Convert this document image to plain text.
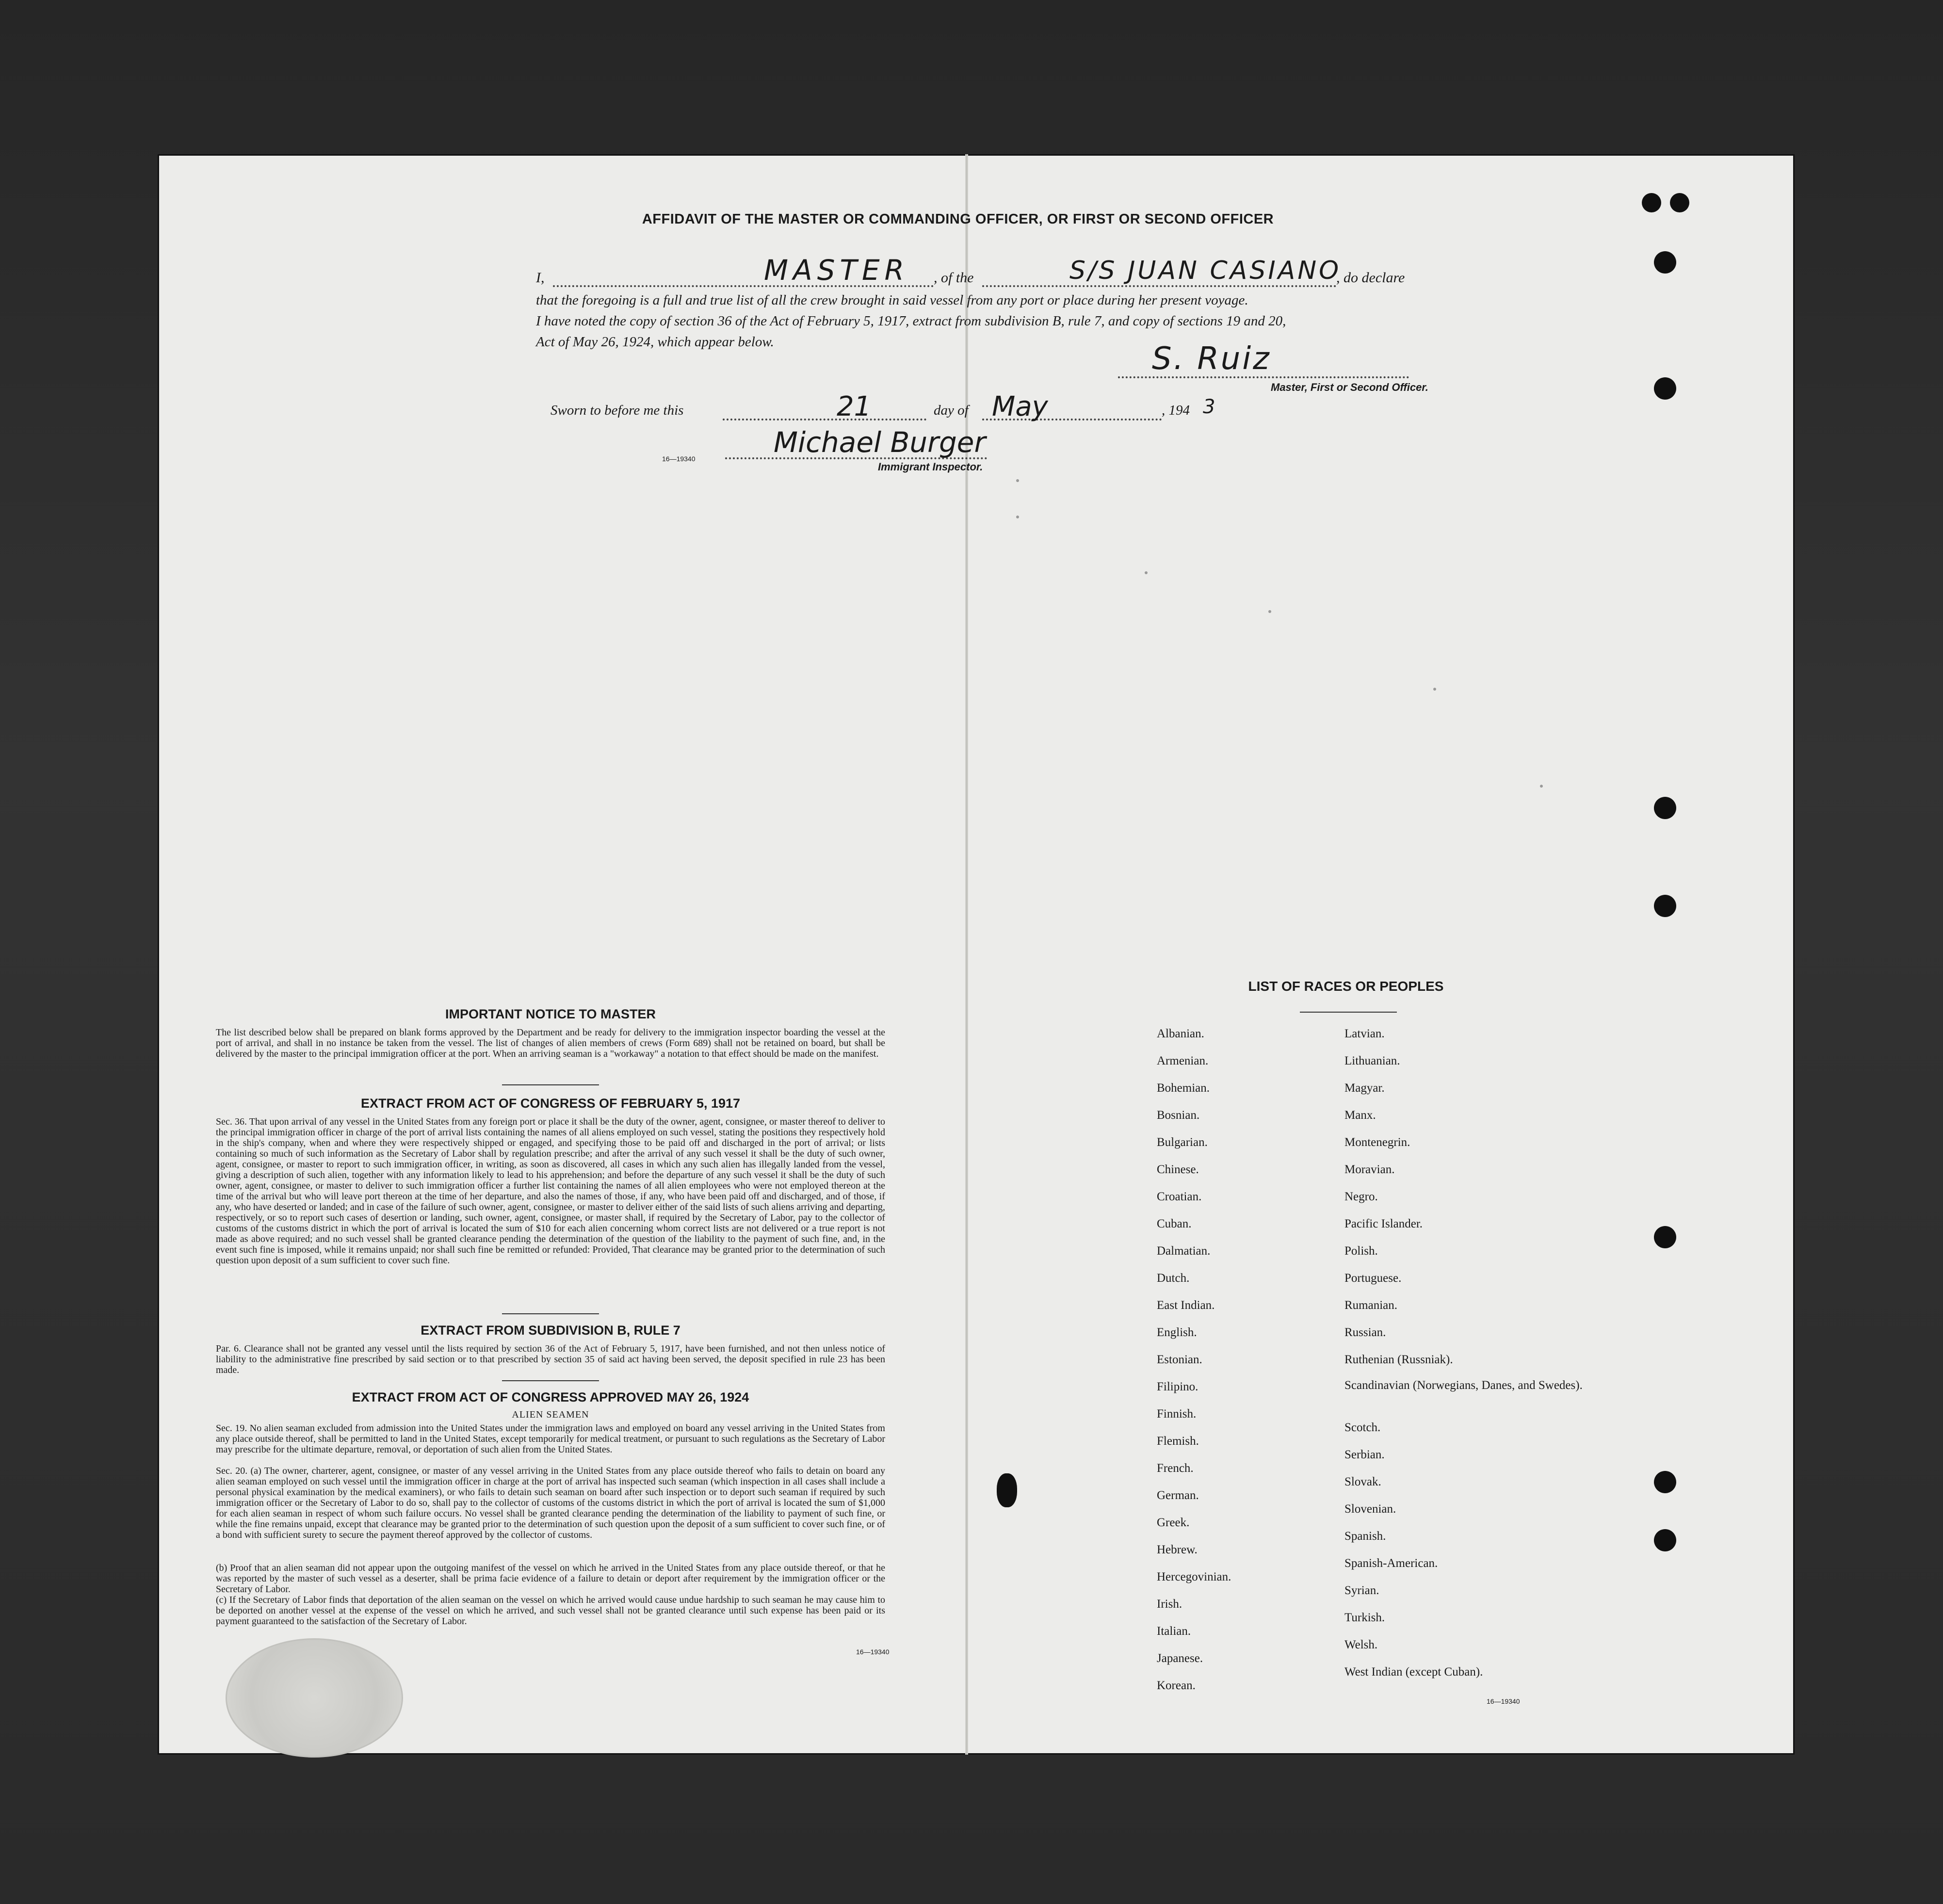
AFFIDAVIT OF THE MASTER OR COMMANDING OFFICER, OR FIRST OR SECOND OFFICER
I,	MASTER , of the	S/S JUAN CASIANO
, do declare
that the foregoing is a full and true list of all the crew brought in said vessel from any port or place during her present voyage.
I have noted the copy of section 36 of the Act of February 5, 1917, extract from subdivision B, rule 7, and copy of sections 19 and 20,
Act of May 26, 1924, which appear below.	S. Ruiz
Master, First or Second Officer.
Sworn to before me this	21	day of May	, 194 3
16—19340	Michael Burger
Immigrant Inspector.
IMPORTANT NOTICE TO MASTER
The list described below shall be prepared on blank forms approved by the Department and be ready for delivery to the immigration inspector boarding the vessel at the port of arrival, and shall in no instance be taken from the vessel. The list of changes of alien members of crews (Form 689) shall not be retained on board, but shall be delivered by the master to the principal immigration officer at the port. When an arriving seaman is a "workaway" a notation to that effect should be made on the manifest.
EXTRACT FROM ACT OF CONGRESS OF FEBRUARY 5, 1917
Sec. 36. That upon arrival of any vessel in the United States from any foreign port or place it shall be the duty of the owner, agent, consignee, or master thereof to deliver to the principal immigration officer in charge of the port of arrival lists containing the names of all aliens employed on such vessel, stating the positions they respectively hold in the ship's company, when and where they were respectively shipped or engaged, and specifying those to be paid off and discharged in the port of arrival; or lists containing so much of such information as the Secretary of Labor shall by regulation prescribe; and after the arrival of any such vessel it shall be the duty of such owner, agent, consignee, or master to report to such immigration officer, in writing, as soon as discovered, all cases in which any such alien has illegally landed from the vessel, giving a description of such alien, together with any information likely to lead to his apprehension; and before the departure of any such vessel it shall be the duty of such owner, agent, consignee, or master to deliver to such immigration officer a further list containing the names of all alien employees who were not employed thereon at the time of the arrival but who will leave port thereon at the time of her departure, and also the names of those, if any, who have been paid off and discharged, and of those, if any, who have deserted or landed; and in case of the failure of such owner, agent, consignee, or master to deliver either of the said lists of such aliens arriving and departing, respectively, or so to report such cases of desertion or landing, such owner, agent, consignee, or master shall, if required by the Secretary of Labor, pay to the collector of customs of the customs district in which the port of arrival is located the sum of $10 for each alien concerning whom correct lists are not delivered or a true report is not made as above required; and no such vessel shall be granted clearance pending the determination of the question of the liability to the payment of such fine, and, in the event such fine is imposed, while it remains unpaid; nor shall such fine be remitted or refunded: Provided, That clearance may be granted prior to the determination of such question upon deposit of a sum sufficient to cover such fine.
EXTRACT FROM SUBDIVISION B, RULE 7
Par. 6. Clearance shall not be granted any vessel until the lists required by section 36 of the Act of February 5, 1917, have been furnished, and not then unless notice of liability to the administrative fine prescribed by said section or to that prescribed by section 35 of said act having been served, the deposit specified in rule 23 has been made.
EXTRACT FROM ACT OF CONGRESS APPROVED MAY 26, 1924
ALIEN SEAMEN
Sec. 19. No alien seaman excluded from admission into the United States under the immigration laws and employed on board any vessel arriving in the United States from any place outside thereof, shall be permitted to land in the United States, except temporarily for medical treatment, or pursuant to such regulations as the Secretary of Labor may prescribe for the ultimate departure, removal, or deportation of such alien from the United States.
Sec. 20. (a) The owner, charterer, agent, consignee, or master of any vessel arriving in the United States from any place outside thereof who fails to detain on board any alien seaman employed on such vessel until the immigration officer in charge at the port of arrival has inspected such seaman (which inspection in all cases shall include a personal physical examination by the medical examiners), or who fails to detain such seaman on board after such inspection or to deport such seaman if required by such immigration officer or the Secretary of Labor to do so, shall pay to the collector of customs of the customs district in which the port of arrival is located the sum of $1,000 for each alien seaman in respect of whom such failure occurs. No vessel shall be granted clearance pending the determination of the liability to payment of such fine, or while the fine remains unpaid, except that clearance may be granted prior to the determination of such question upon the deposit of a sum sufficient to cover such fine, or of a bond with sufficient surety to secure the payment thereof approved by the collector of customs.
(b) Proof that an alien seaman did not appear upon the outgoing manifest of the vessel on which he arrived in the United States from any place outside thereof, or that he was reported by the master of such vessel as a deserter, shall be prima facie evidence of a failure to detain or deport after requirement by the immigration officer or the Secretary of Labor.
(c) If the Secretary of Labor finds that deportation of the alien seaman on the vessel on which he arrived would cause undue hardship to such seaman he may cause him to be deported on another vessel at the expense of the vessel on which he arrived, and such vessel shall not be granted clearance until such expense has been paid or its payment guaranteed to the satisfaction of the Secretary of Labor.
16—19340
LIST OF RACES OR PEOPLES
Albanian.
Armenian.
Bohemian.
Bosnian.
Bulgarian.
Chinese.
Croatian.
Cuban.
Dalmatian.
Dutch.
East Indian.
English.
Estonian.
Filipino.
Finnish.
Flemish.
French.
German.
Greek.
Hebrew.
Hercegovinian.
Irish.
Italian.
Japanese.
Korean.
Latvian.
Lithuanian.
Magyar.
Manx.
Montenegrin.
Moravian.
Negro.
Pacific Islander.
Polish.
Portuguese.
Rumanian.
Russian.
Ruthenian (Russniak).
Scandinavian (Norwegians, Danes, and Swedes).
Scotch.
Serbian.
Slovak.
Slovenian.
Spanish.
Spanish-American.
Syrian.
Turkish.
Welsh.
West Indian (except Cuban).
16—19340
